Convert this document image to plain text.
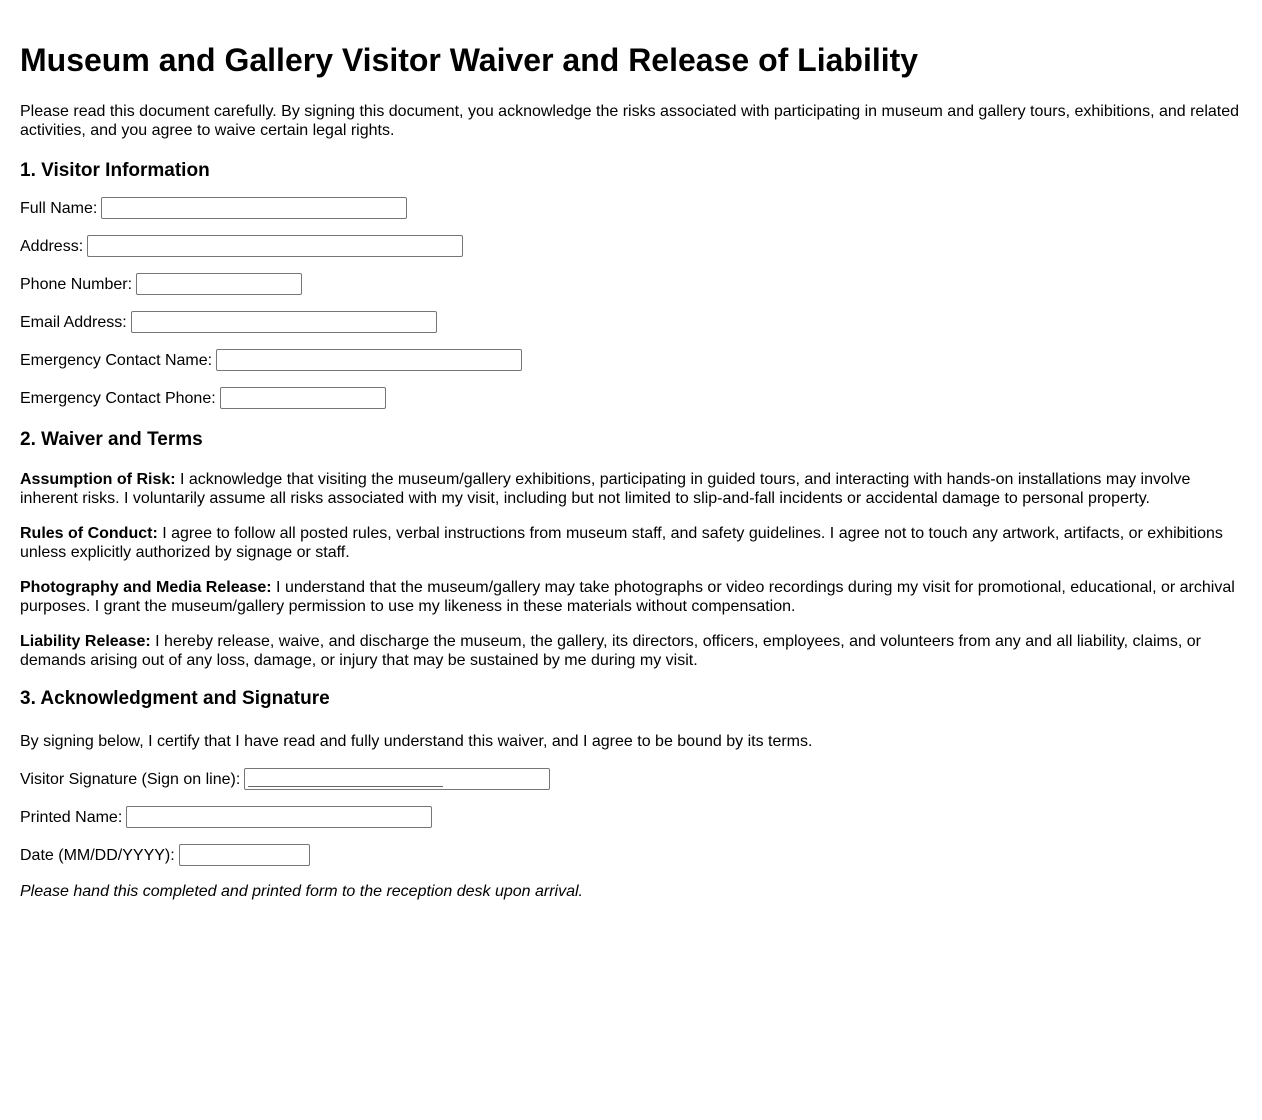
Museum and Gallery Visitor Waiver and Release of Liability

Please read this document carefully. By signing this document, you acknowledge the risks associated with participating in museum and gallery tours, exhibitions, and related activities, and you agree to waive certain legal rights.

1. Visitor Information
Full Name:
Address:
Phone Number:
Email Address:
Emergency Contact Name:
Emergency Contact Phone:
2. Waiver and Terms

Assumption of Risk: I acknowledge that visiting the museum/gallery exhibitions, participating in guided tours, and interacting with hands-on installations may involve inherent risks. I voluntarily assume all risks associated with my visit, including but not limited to slip-and-fall incidents or accidental damage to personal property.

Rules of Conduct: I agree to follow all posted rules, verbal instructions from museum staff, and safety guidelines. I agree not to touch any artwork, artifacts, or exhibitions unless explicitly authorized by signage or staff.

Photography and Media Release: I understand that the museum/gallery may take photographs or video recordings during my visit for promotional, educational, or archival purposes. I grant the museum/gallery permission to use my likeness in these materials without compensation.

Liability Release: I hereby release, waive, and discharge the museum, the gallery, its directors, officers, employees, and volunteers from any and all liability, claims, or demands arising out of any loss, damage, or injury that may be sustained by me during my visit.

3. Acknowledgment and Signature

By signing below, I certify that I have read and fully understand this waiver, and I agree to be bound by its terms.

Visitor Signature (Sign on line):
_________________________
Printed Name:
Date (MM/DD/YYYY):

Please hand this completed and printed form to the reception desk upon arrival.
